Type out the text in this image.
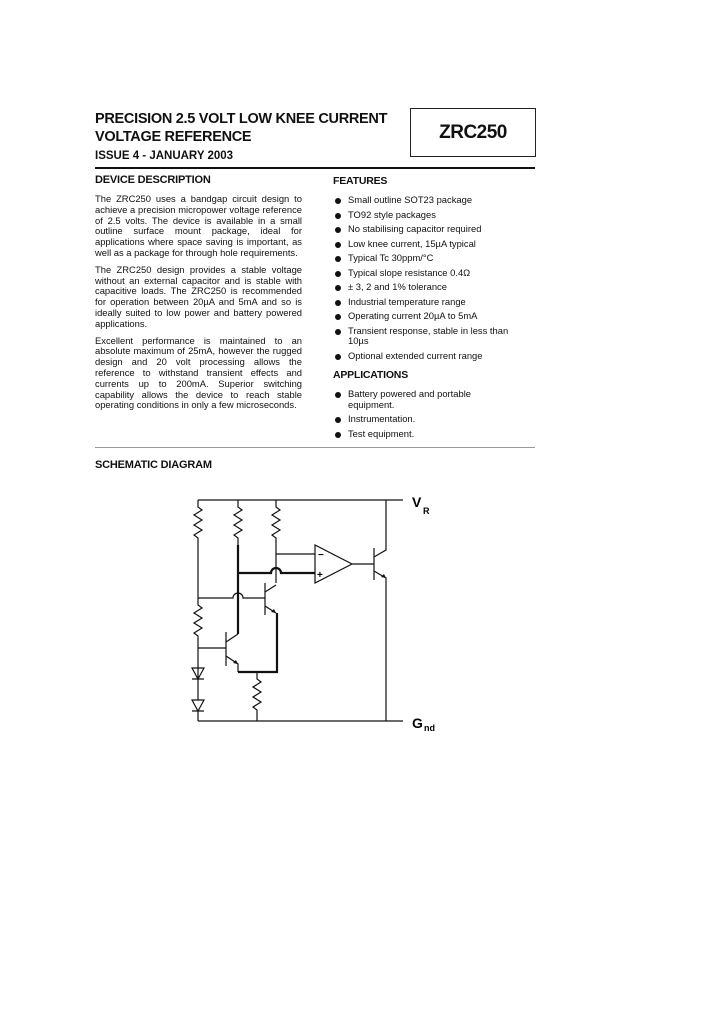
PRECISION 2.5 VOLT LOW KNEE CURRENT
VOLTAGE REFERENCE	ZRC250
ISSUE 4 - JANUARY 2003
DEVICE DESCRIPTION

The ZRC250 uses a bandgap circuit design to achieve a precision micropower voltage reference of 2.5 volts. The device is available in a small outline surface mount package, ideal for applications where space saving is important, as well as a package for through hole requirements.

The ZRC250 design provides a stable voltage without an external capacitor and is stable with capacitive loads. The ZRC250 is recommended for operation between 20µA and 5mA and so is ideally suited to low power and battery powered applications.

Excellent performance is maintained to an absolute maximum of 25mA, however the rugged design and 20 volt processing allows the reference to withstand transient effects and currents up to 200mA. Superior switching capability allows the device to reach stable operating conditions in only a few microseconds.

FEATURES
Small outline SOT23 package
TO92 style packages
No stabilising capacitor required
Low knee current, 15µA typical
Typical Tc 30ppm/°C
Typical slope resistance 0.4Ω
± 3, 2 and 1% tolerance
Industrial temperature range
Operating current 20µA to 5mA
Transient response, stable in less than 10µs
Optional extended current range
APPLICATIONS
Battery powered and portable equipment.
Instrumentation.
Test equipment.
SCHEMATIC DIAGRAM
−
+
V
R
G nd
